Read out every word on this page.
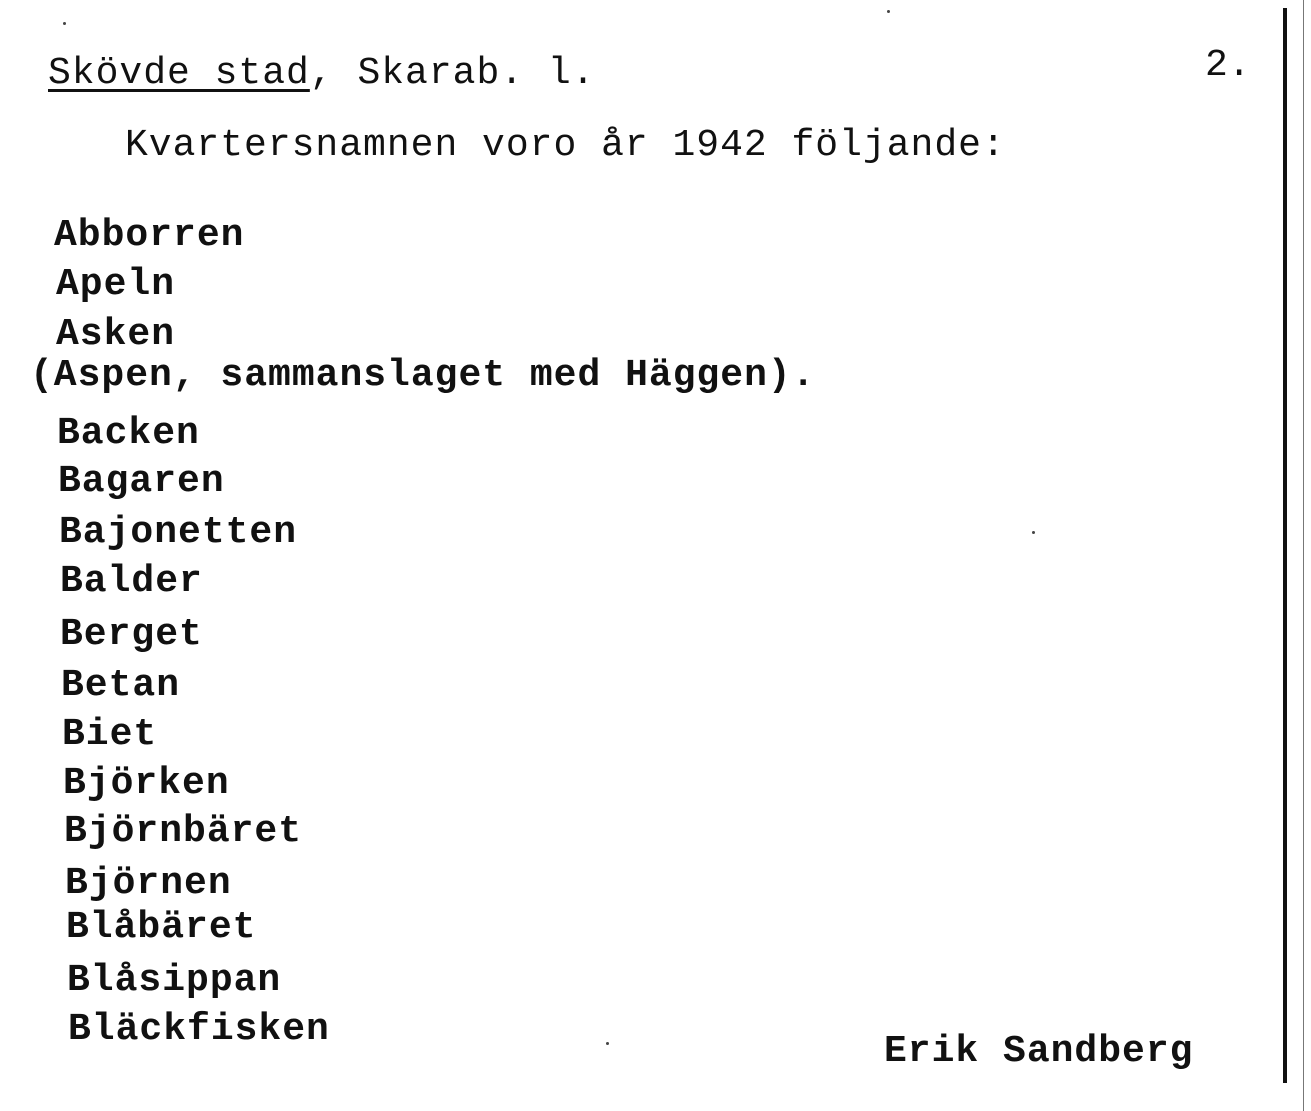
Skövde stad, Skarab. l.	2.
Kvartersnamnen voro år 1942 följande:
Abborren
Apeln
Asken
(Aspen, sammanslaget med Häggen).
Backen
Bagaren
Bajonetten
Balder
Berget
Betan
Biet
Björken
Björnbäret
Björnen
Blåbäret
Blåsippan
Bläckfisken
Erik Sandberg
